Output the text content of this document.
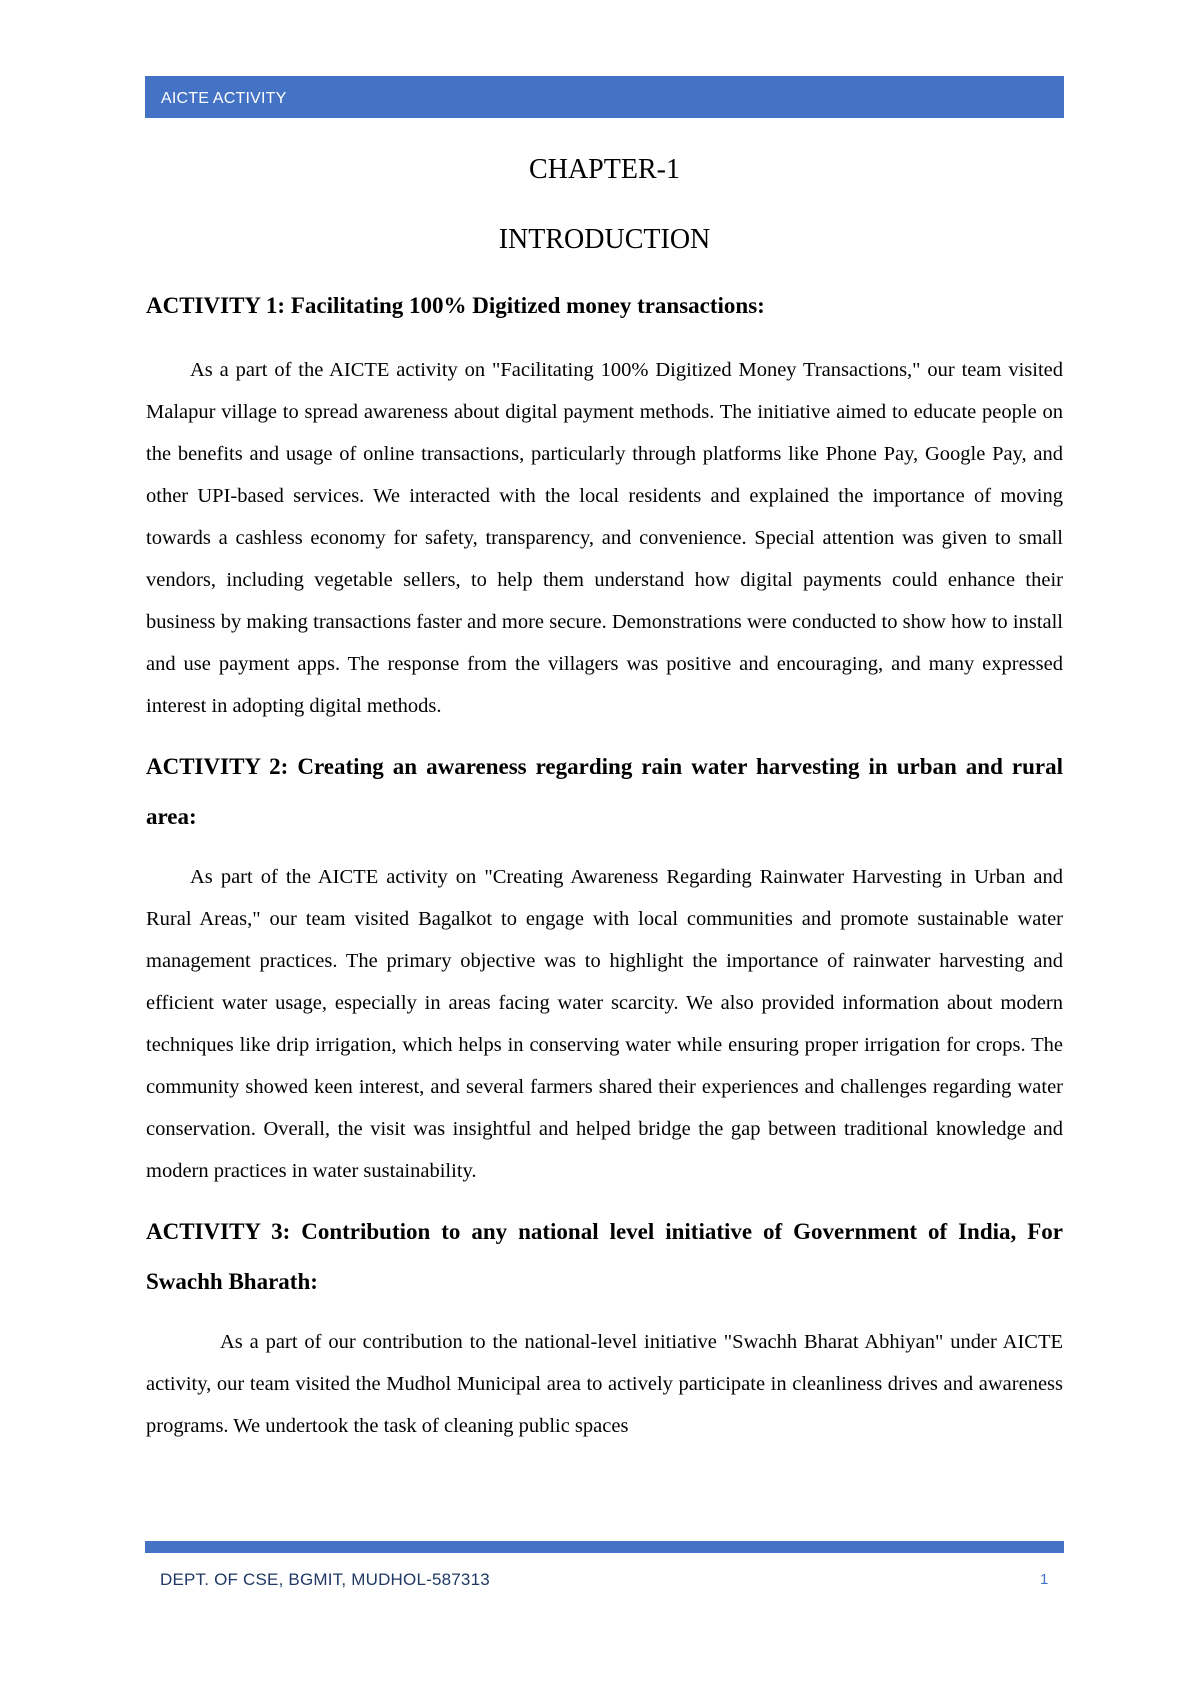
AICTE ACTIVITY
CHAPTER-1
INTRODUCTION
ACTIVITY 1: Facilitating 100% Digitized money transactions:

As a part of the AICTE activity on "Facilitating 100% Digitized Money Transactions," our team visited Malapur village to spread awareness about digital payment methods. The initiative aimed to educate people on the benefits and usage of online transactions, particularly through platforms like Phone Pay, Google Pay, and other UPI-based services. We interacted with the local residents and explained the importance of moving towards a cashless economy for safety, transparency, and convenience. Special attention was given to small vendors, including vegetable sellers, to help them understand how digital payments could enhance their business by making transactions faster and more secure. Demonstrations were conducted to show how to install and use payment apps. The response from the villagers was positive and encouraging, and many expressed interest in adopting digital methods.

ACTIVITY 2: Creating an awareness regarding rain water harvesting in urban and rural area:

As part of the AICTE activity on "Creating Awareness Regarding Rainwater Harvesting in Urban and Rural Areas," our team visited Bagalkot to engage with local communities and promote sustainable water management practices. The primary objective was to highlight the importance of rainwater harvesting and efficient water usage, especially in areas facing water scarcity. We also provided information about modern techniques like drip irrigation, which helps in conserving water while ensuring proper irrigation for crops. The community showed keen interest, and several farmers shared their experiences and challenges regarding water conservation. Overall, the visit was insightful and helped bridge the gap between traditional knowledge and modern practices in water sustainability.

ACTIVITY 3: Contribution to any national level initiative of Government of India, For Swachh Bharath:

As a part of our contribution to the national-level initiative "Swachh Bharat Abhiyan" under AICTE activity, our team visited the Mudhol Municipal area to actively participate in cleanliness drives and awareness programs. We undertook the task of cleaning public spaces

DEPT. OF CSE, BGMIT, MUDHOL-587313	1
